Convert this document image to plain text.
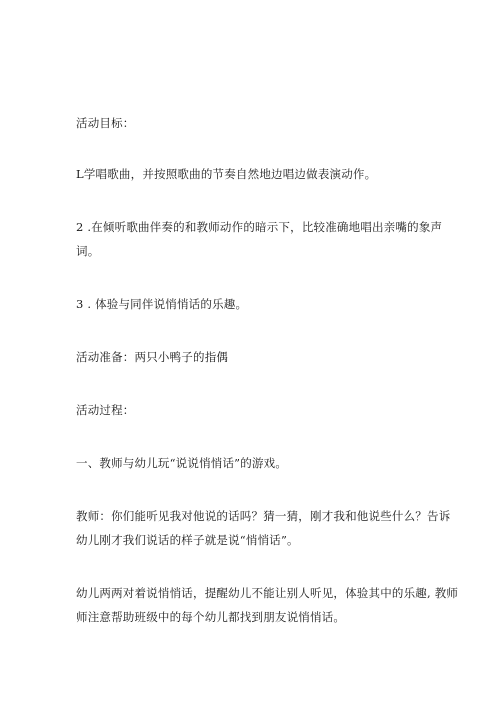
活动目标：
L学唱歌曲，并按照歌曲的节奏自然地边唱边做表演动作。
2 .在倾听歌曲伴奏的和教师动作的暗示下，比较准确地唱出亲嘴的象声
词。
3 . 体验与同伴说悄悄话的乐趣。
活动准备：两只小鸭子的指偶
活动过程：
一、教师与幼儿玩“说说悄悄话”的游戏。
教师：你们能听见我对他说的话吗？猜一猜，刚才我和他说些什么？告诉
幼儿刚才我们说话的样子就是说“悄悄话”。
幼儿两两对着说悄悄话，提醒幼儿不能让别人听见，体验其中的乐趣, 教师
师注意帮助班级中的每个幼儿都找到朋友说悄悄话。
